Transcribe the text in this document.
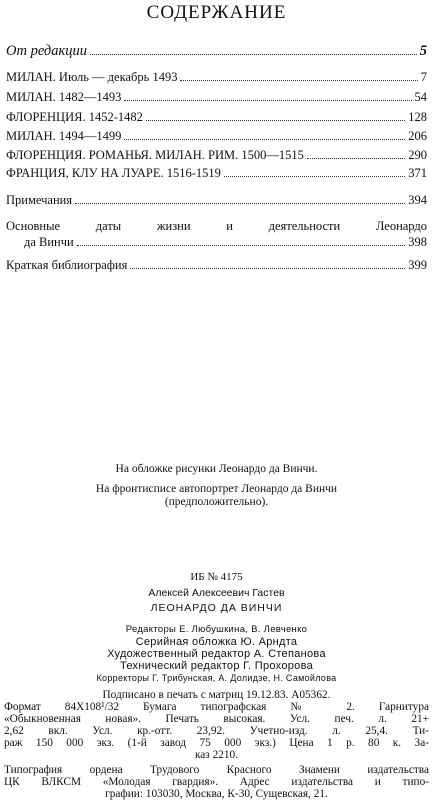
СОДЕРЖАНИЕ
От редакции	5
МИЛАН. Июль — декабрь 1493	7
МИЛАН. 1482—1493	54
ФЛОРЕНЦИЯ. 1452-1482	128
МИЛАН. 1494—1499	206
ФЛОРЕНЦИЯ. РОМАНЬЯ. МИЛАН. РИМ. 1500—1515	290
ФРАНЦИЯ, КЛУ НА ЛУАРЕ. 1516-1519	371
Примечания	394
Основные даты жизни и деятельности Леонардо
да Винчи	398
Краткая библиография	399
На обложке рисунки Леонардо да Винчи.
На фронтисписе автопортрет Леонардо да Винчи
(предположительно).
ИБ № 4175
Алексей Алексеевич Гастев
ЛЕОНАРДО ДА ВИНЧИ
Редакторы Е. Любушкина, В. Левченко
Серийная обложка Ю. Арндта
Художественный редактор А. Степанова
Технический редактор Г. Прохорова
Корректоры Г. Трибунская, А. Долидзе, Н. Самойлова
Подписано в печать с матриц 19.12.83. А05362.
Формат 84Х108¹/32 Бумага типографская № 2. Гарнитура
«Обыкновенная новая». Печать высокая. Усл. печ. л. 21+
2,62 вкл. Усл. кр.-отт. 23,92. Учетно-изд. л. 25,4. Ти-
раж 150 000 экз. (1-й завод 75 000 экз.) Цена 1 р. 80 к. За-
каз 2210.
Типография ордена Трудового Красного Знамени издательства
ЦК ВЛКСМ «Молодая гвардия». Адрес издательства и типо-
графии: 103030, Москва, К-30, Сущевская, 21.
